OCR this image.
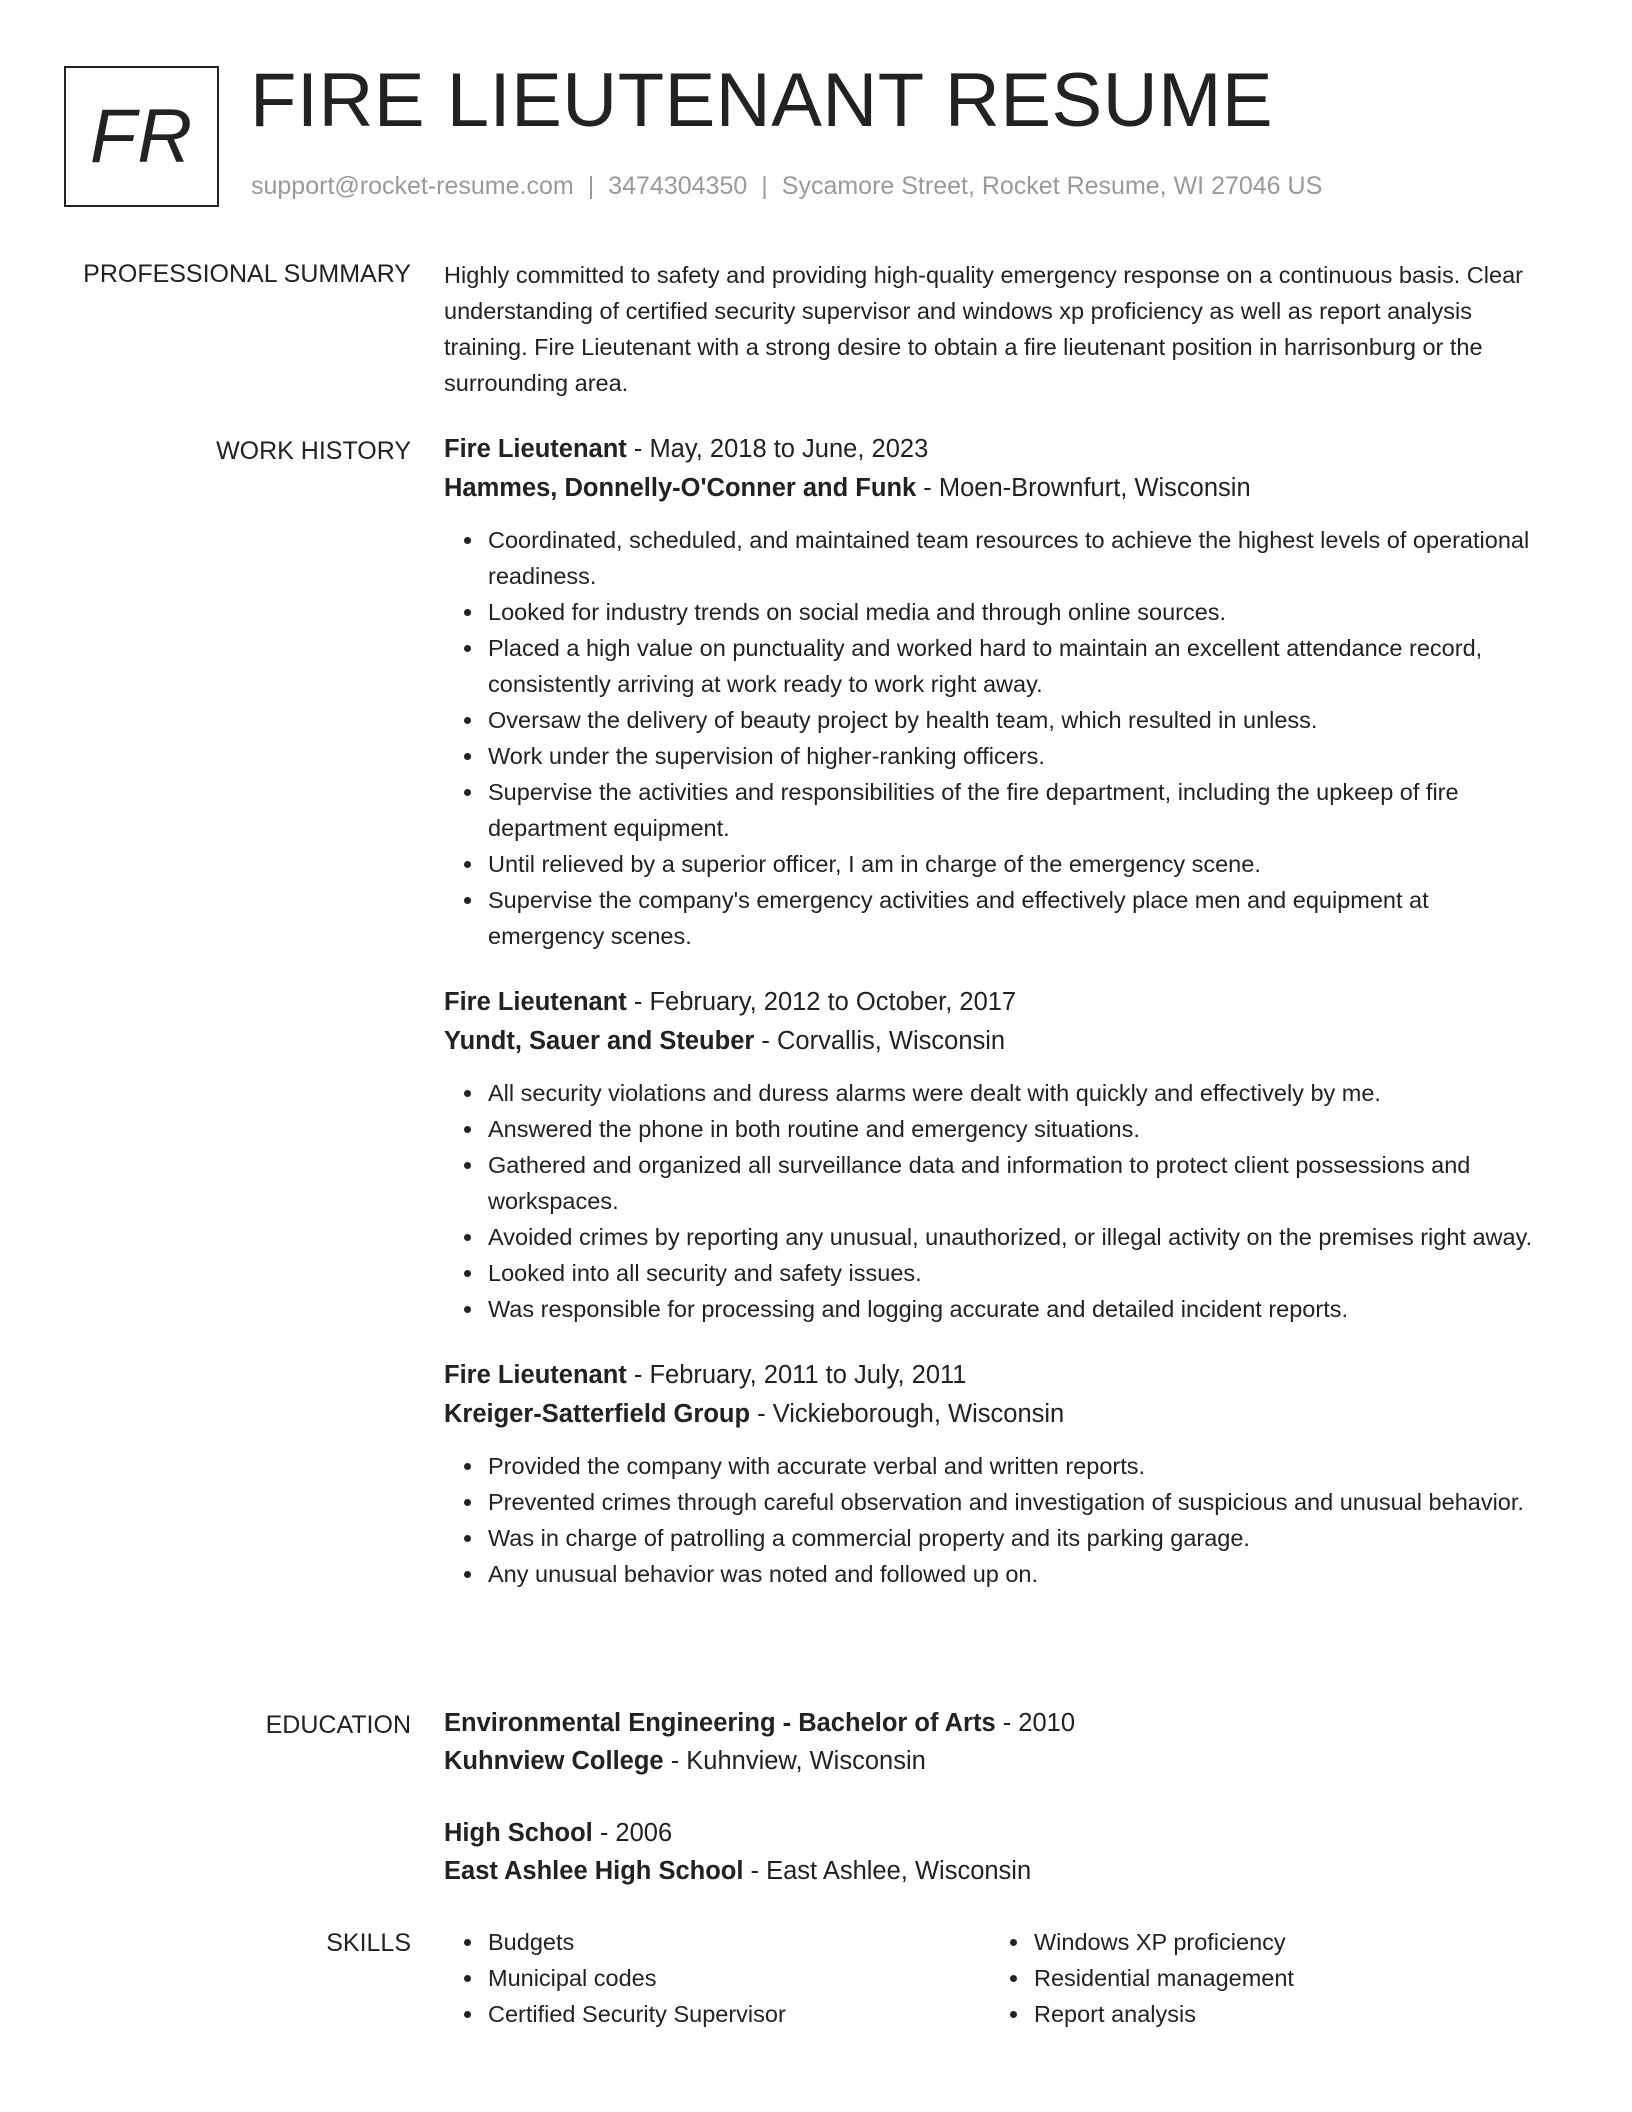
FR FIRE LIEUTENANT RESUME
support@rocket-resume.com | 3474304350 | Sycamore Street, Rocket Resume, WI 27046 US
PROFESSIONAL SUMMARY Highly committed to safety and providing high-quality emergency response on a continuous basis. Clear understanding of certified security supervisor and windows xp proficiency as well as report analysis training. Fire Lieutenant with a strong desire to obtain a fire lieutenant position in harrisonburg or the surrounding area.

WORK HISTORY Fire Lieutenant - May, 2018 to June, 2023

Hammes, Donnelly-O'Conner and Funk - Moen-Brownfurt, Wisconsin

Coordinated, scheduled, and maintained team resources to achieve the highest levels of operational readiness.
Looked for industry trends on social media and through online sources.
Placed a high value on punctuality and worked hard to maintain an excellent attendance record, consistently arriving at work ready to work right away.
Oversaw the delivery of beauty project by health team, which resulted in unless.
Work under the supervision of higher-ranking officers.
Supervise the activities and responsibilities of the fire department, including the upkeep of fire department equipment.
Until relieved by a superior officer, I am in charge of the emergency scene.
Supervise the company's emergency activities and effectively place men and equipment at emergency scenes.

Fire Lieutenant - February, 2012 to October, 2017

Yundt, Sauer and Steuber - Corvallis, Wisconsin

All security violations and duress alarms were dealt with quickly and effectively by me.
Answered the phone in both routine and emergency situations.
Gathered and organized all surveillance data and information to protect client possessions and workspaces.
Avoided crimes by reporting any unusual, unauthorized, or illegal activity on the premises right away.
Looked into all security and safety issues.
Was responsible for processing and logging accurate and detailed incident reports.

Fire Lieutenant - February, 2011 to July, 2011

Kreiger-Satterfield Group - Vickieborough, Wisconsin

Provided the company with accurate verbal and written reports.
Prevented crimes through careful observation and investigation of suspicious and unusual behavior.
Was in charge of patrolling a commercial property and its parking garage.
Any unusual behavior was noted and followed up on.
EDUCATION Environmental Engineering - Bachelor of Arts - 2010
Kuhnview College - Kuhnview, Wisconsin
High School - 2006
East Ashlee High School - East Ashlee, Wisconsin
SKILLS	Budgets
Municipal codes
Certified Security Supervisor
Windows XP proficiency
Residential management
Report analysis
